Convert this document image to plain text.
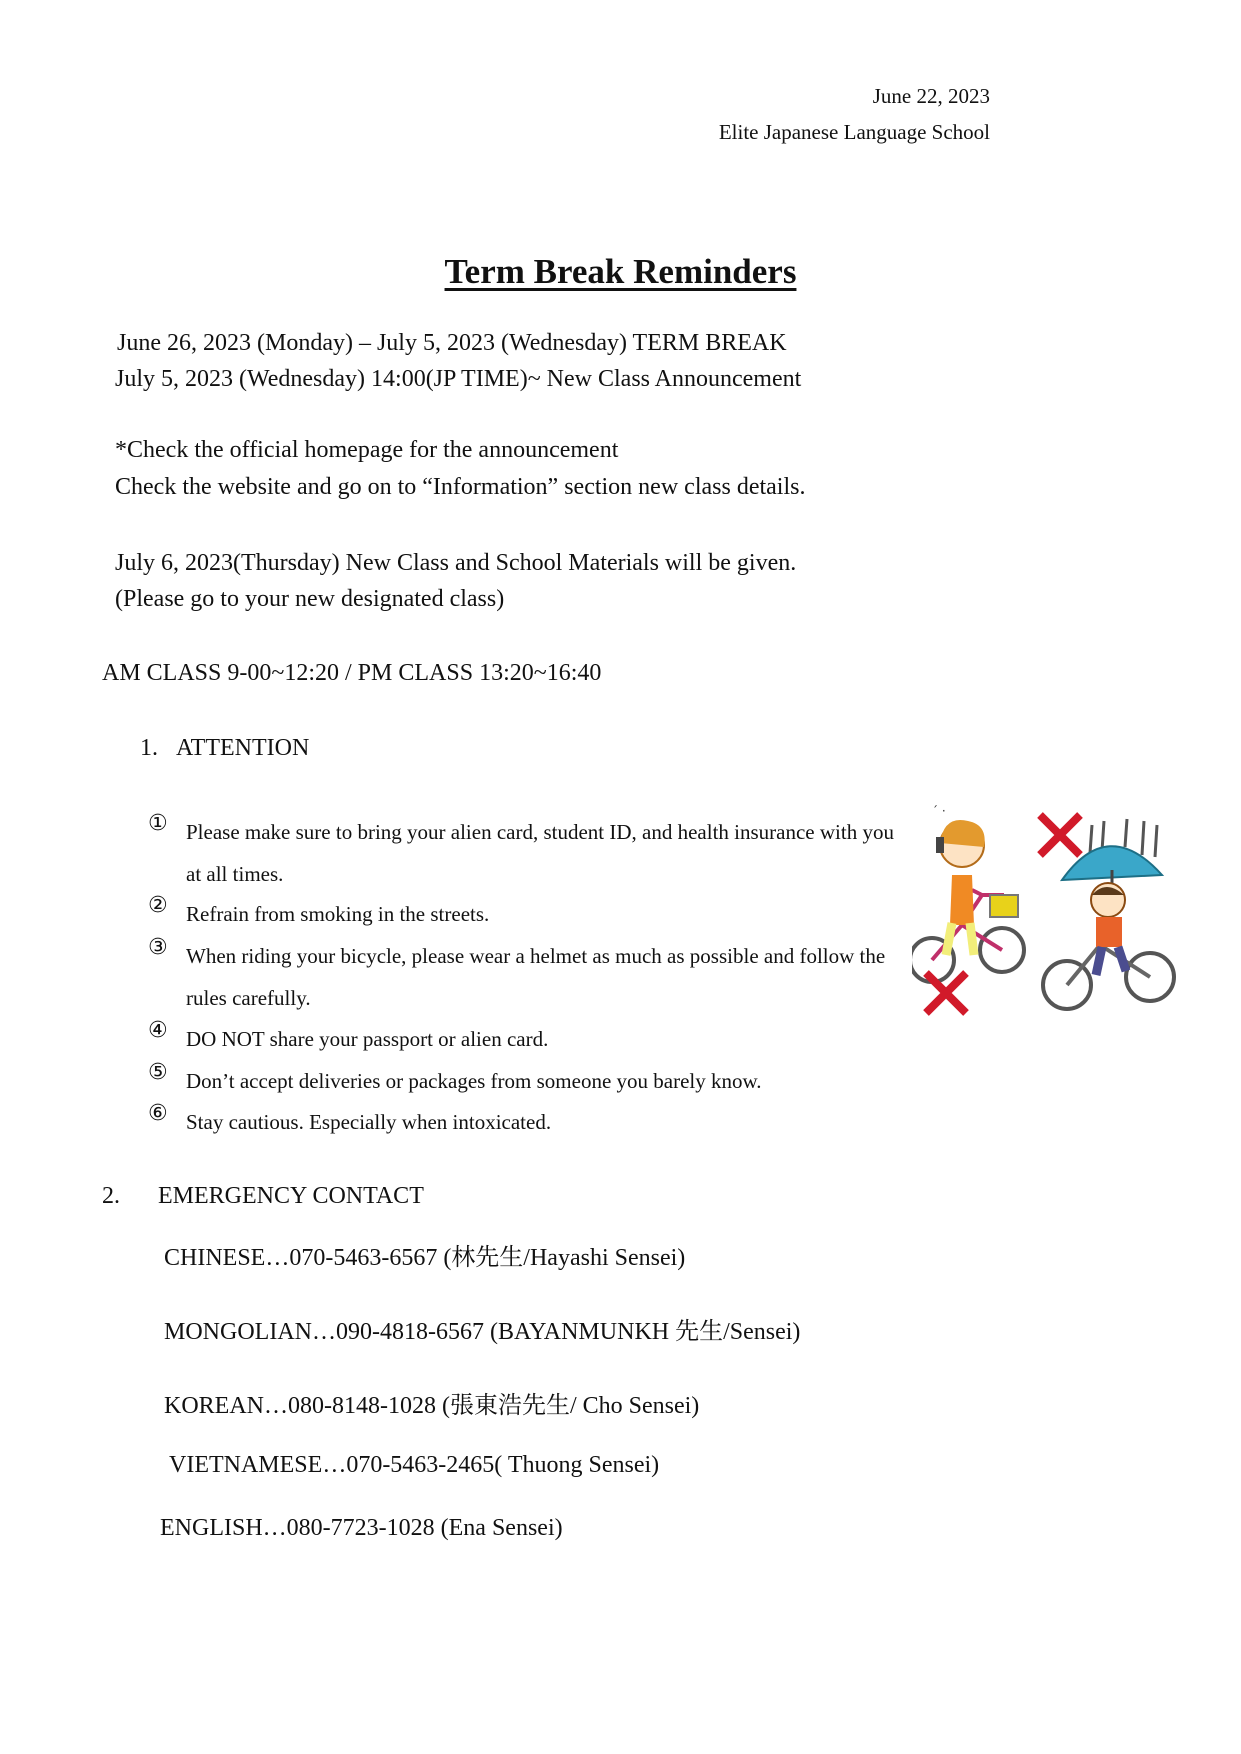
June 22, 2023
Elite Japanese Language School
Term Break Reminders
June 26, 2023 (Monday) – July 5, 2023 (Wednesday) TERM BREAK
July 5, 2023 (Wednesday) 14:00(JP TIME)~ New Class Announcement
*Check the official homepage for the announcement
Check the website and go on to “Information” section new class details.
July 6, 2023(Thursday) New Class and School Materials will be given.
(Please go to your new designated class)
AM CLASS 9-00~12:20 / PM CLASS 13:20~16:40
1. ATTENTION
① Please make sure to bring your alien card, student ID, and health insurance with you at all times.
② Refrain from smoking in the streets.
③ When riding your bicycle, please wear a helmet as much as possible and follow the rules carefully.
④ DO NOT share your passport or alien card.
⑤ Don’t accept deliveries or packages from someone you barely know.
⑥ Stay cautious. Especially when intoxicated.
´ ·
2. EMERGENCY CONTACT
CHINESE…070-5463-6567 (林先生/Hayashi Sensei)
MONGOLIAN…090-4818-6567 (BAYANMUNKH 先生/Sensei)
KOREAN…080-8148-1028 (張東浩先生/ Cho Sensei)
VIETNAMESE…070-5463-2465( Thuong Sensei)
ENGLISH…080-7723-1028 (Ena Sensei)
